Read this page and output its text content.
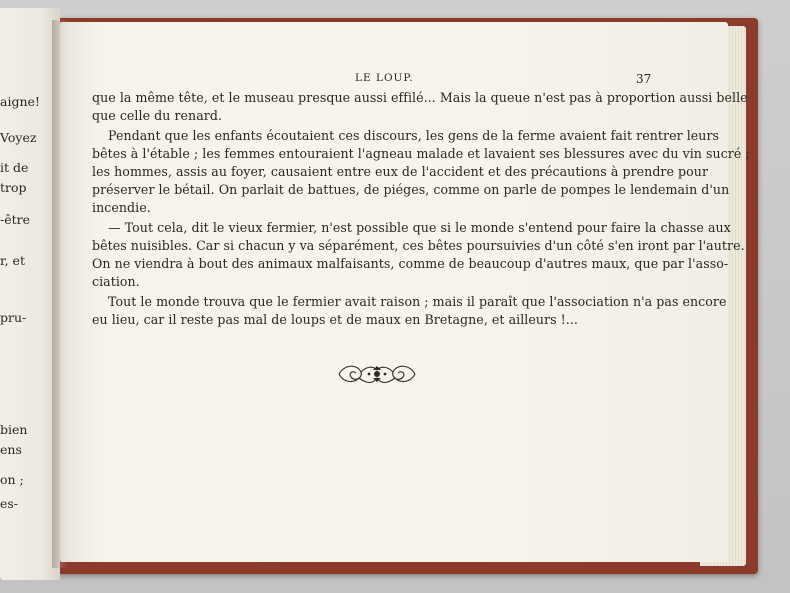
aigne!
Voyez
it de
trop
-être
r, et
pru-
bien
ens
on ;
es-
LE LOUP.	37
que la même tête, et le museau presque aussi effilé... Mais la queue n'est pas à proportion aussi belle
que celle du renard.
Pendant que les enfants écoutaient ces discours, les gens de la ferme avaient fait rentrer leurs
bêtes à l'étable ; les femmes entouraient l'agneau malade et lavaient ses blessures avec du vin sucré ;
les hommes, assis au foyer, causaient entre eux de l'accident et des précautions à prendre pour
préserver le bétail. On parlait de battues, de piéges, comme on parle de pompes le lendemain d'un
incendie.
— Tout cela, dit le vieux fermier, n'est possible que si le monde s'entend pour faire la chasse aux
bêtes nuisibles. Car si chacun y va séparément, ces bêtes poursuivies d'un côté s'en iront par l'autre.
On ne viendra à bout des animaux malfaisants, comme de beaucoup d'autres maux, que par l'asso-
ciation.
Tout le monde trouva que le fermier avait raison ; mais il paraît que l'association n'a pas encore
eu lieu, car il reste pas mal de loups et de maux en Bretagne, et ailleurs !...
